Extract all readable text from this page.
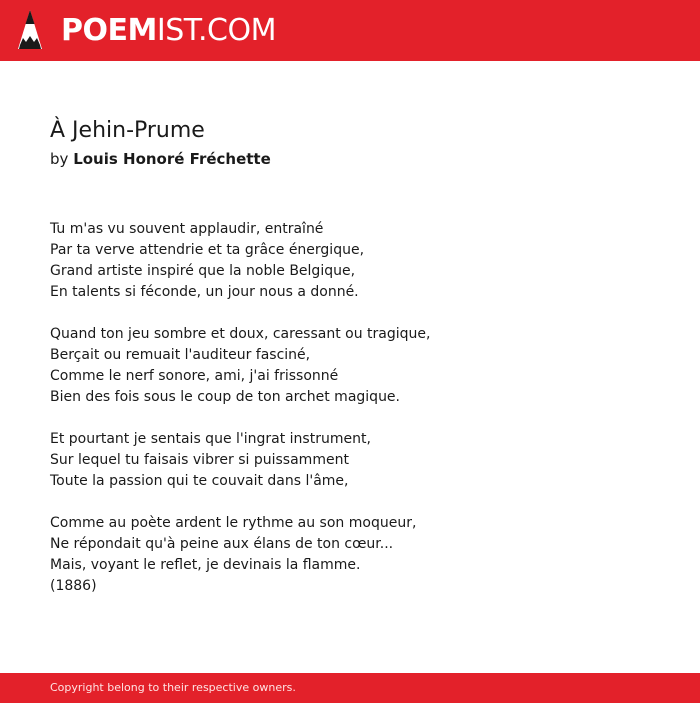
POEMIST.COM
À Jehin-Prume
by Louis Honoré Fréchette
Tu m'as vu souvent applaudir, entraîné
Par ta verve attendrie et ta grâce énergique,
Grand artiste inspiré que la noble Belgique,
En talents si féconde, un jour nous a donné.
Quand ton jeu sombre et doux, caressant ou tragique,
Berçait ou remuait l'auditeur fasciné,
Comme le nerf sonore, ami, j'ai frissonné
Bien des fois sous le coup de ton archet magique.
Et pourtant je sentais que l'ingrat instrument,
Sur lequel tu faisais vibrer si puissamment
Toute la passion qui te couvait dans l'âme,
Comme au poète ardent le rythme au son moqueur,
Ne répondait qu'à peine aux élans de ton cœur...
Mais, voyant le reflet, je devinais la flamme.
(1886)
Copyright belong to their respective owners.
